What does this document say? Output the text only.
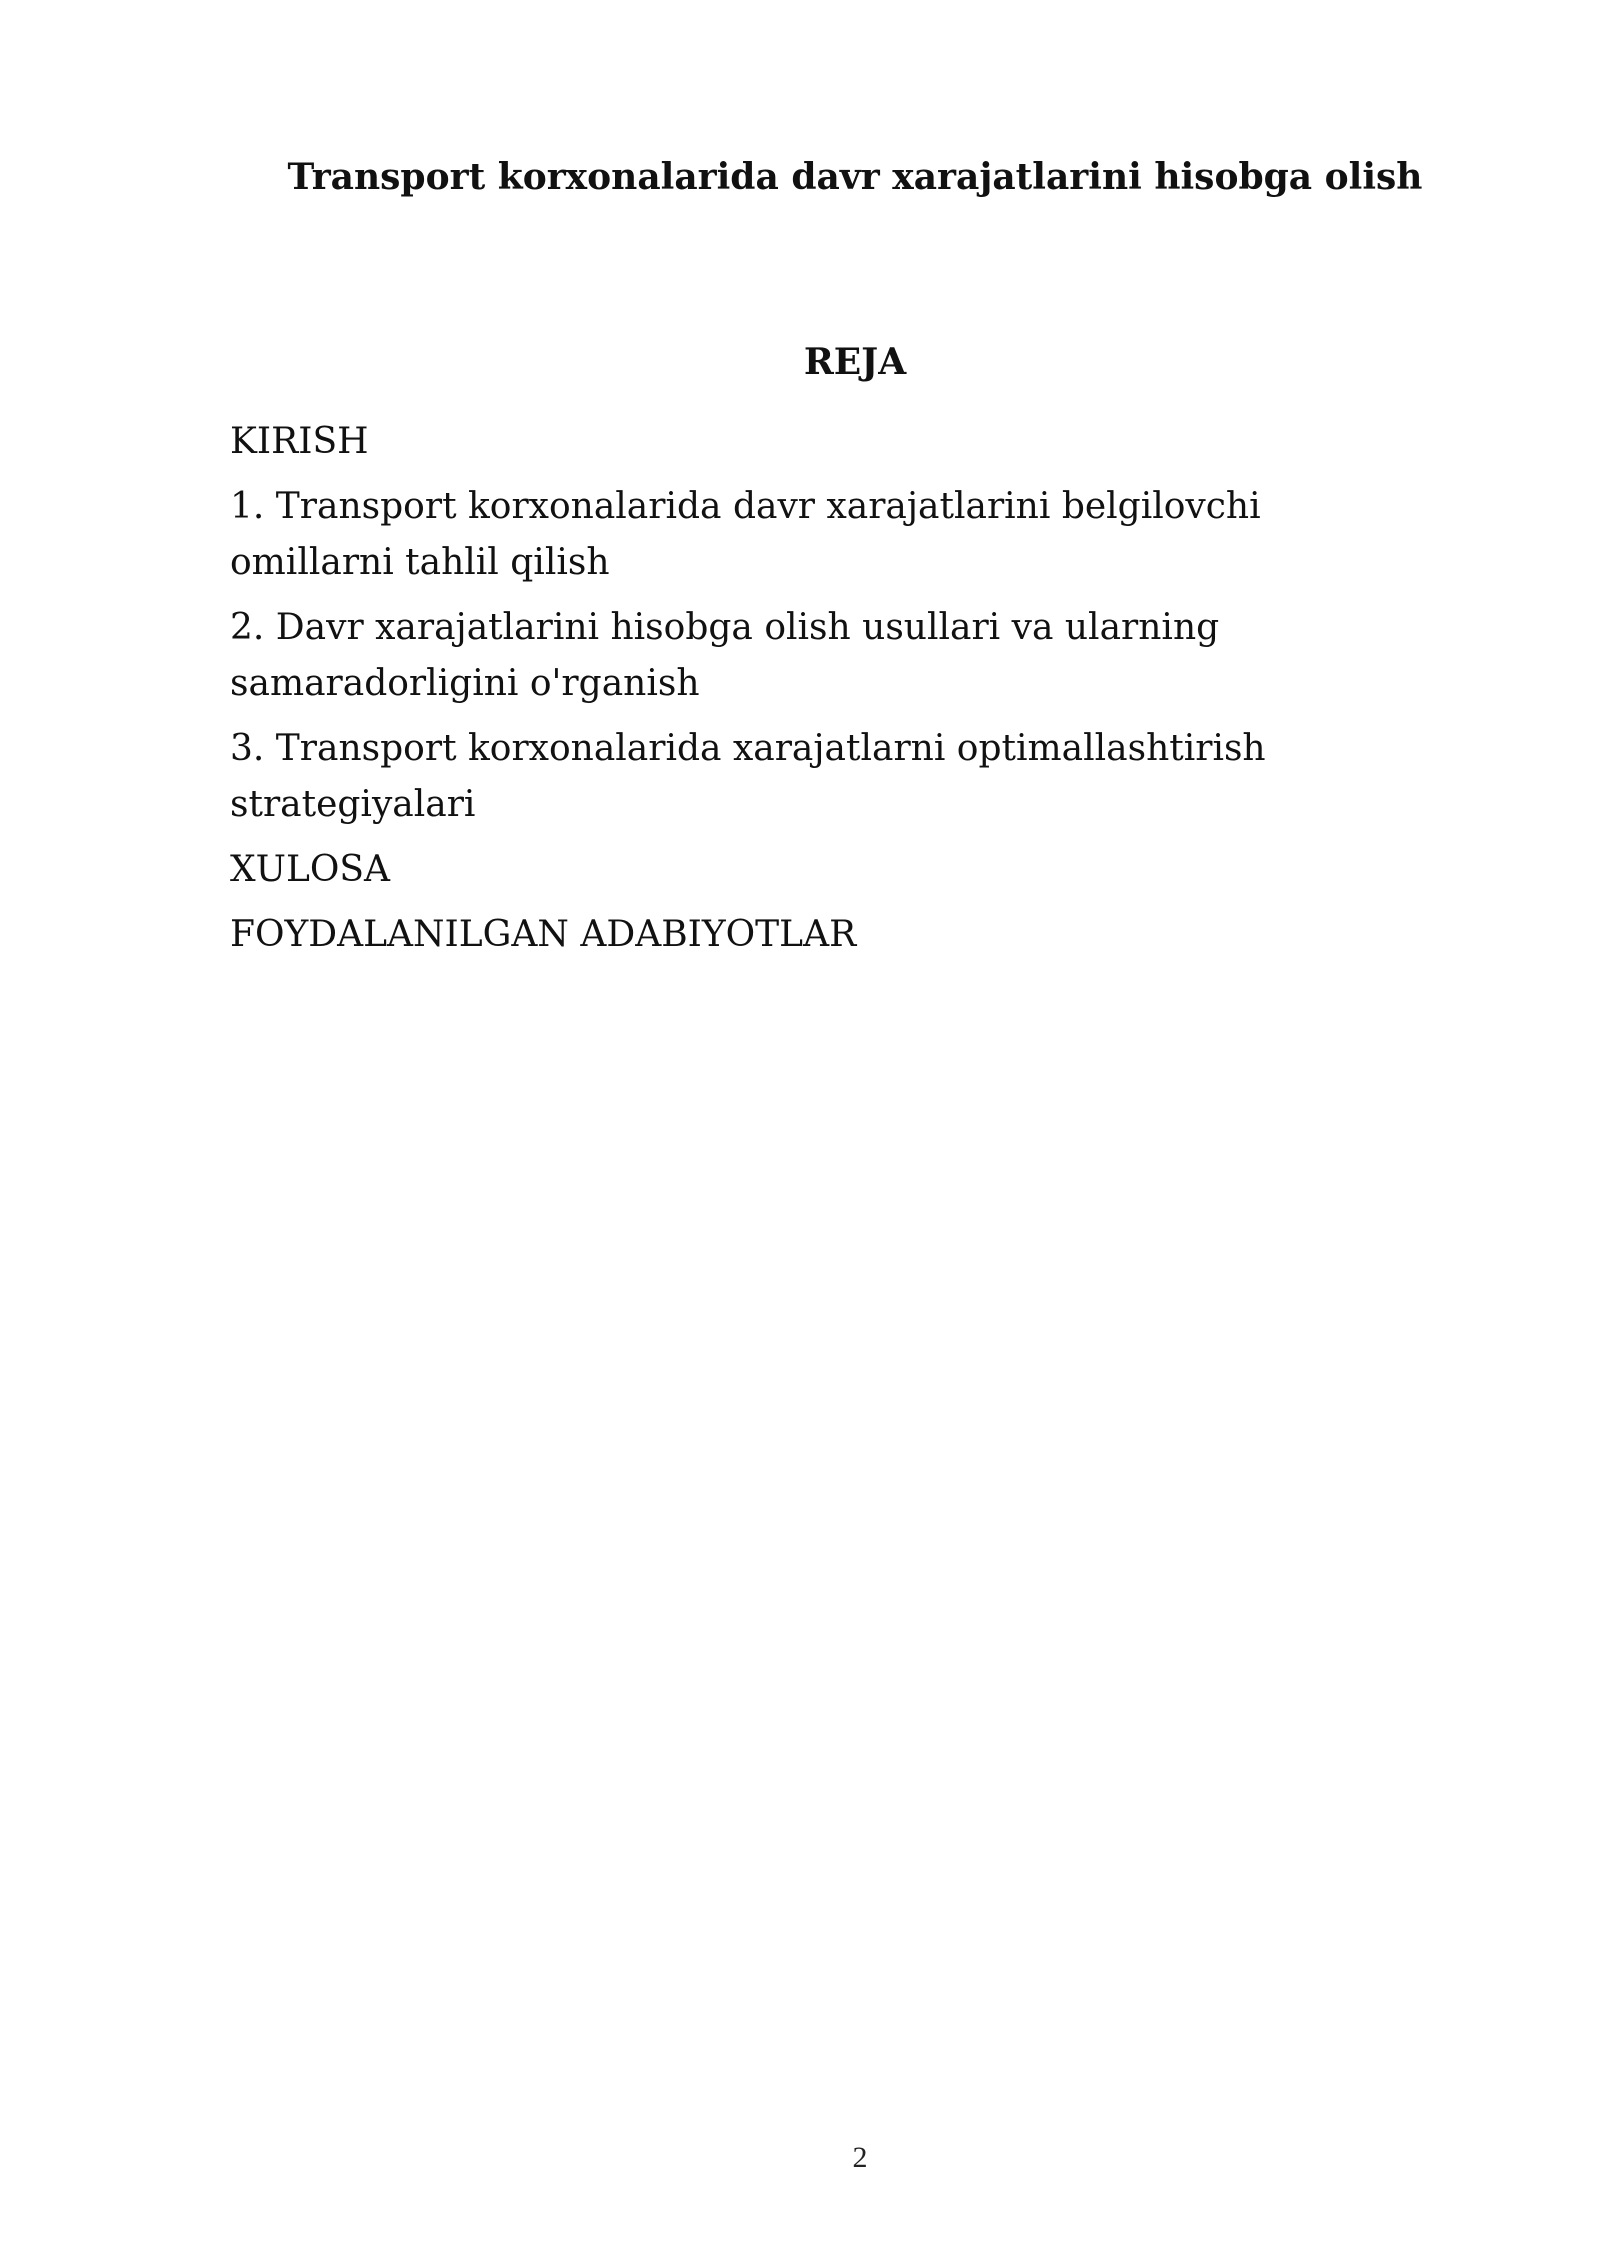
Transport korxonalarida davr xarajatlarini hisobga olish
REJA
KIRISH
1. Transport korxonalarida davr xarajatlarini belgilovchi omillarni tahlil qilish
2. Davr xarajatlarini hisobga olish usullari va ularning samaradorligini o'rganish
3. Transport korxonalarida xarajatlarni optimallashtirish strategiyalari
XULOSA
FOYDALANILGAN ADABIYOTLAR
2
